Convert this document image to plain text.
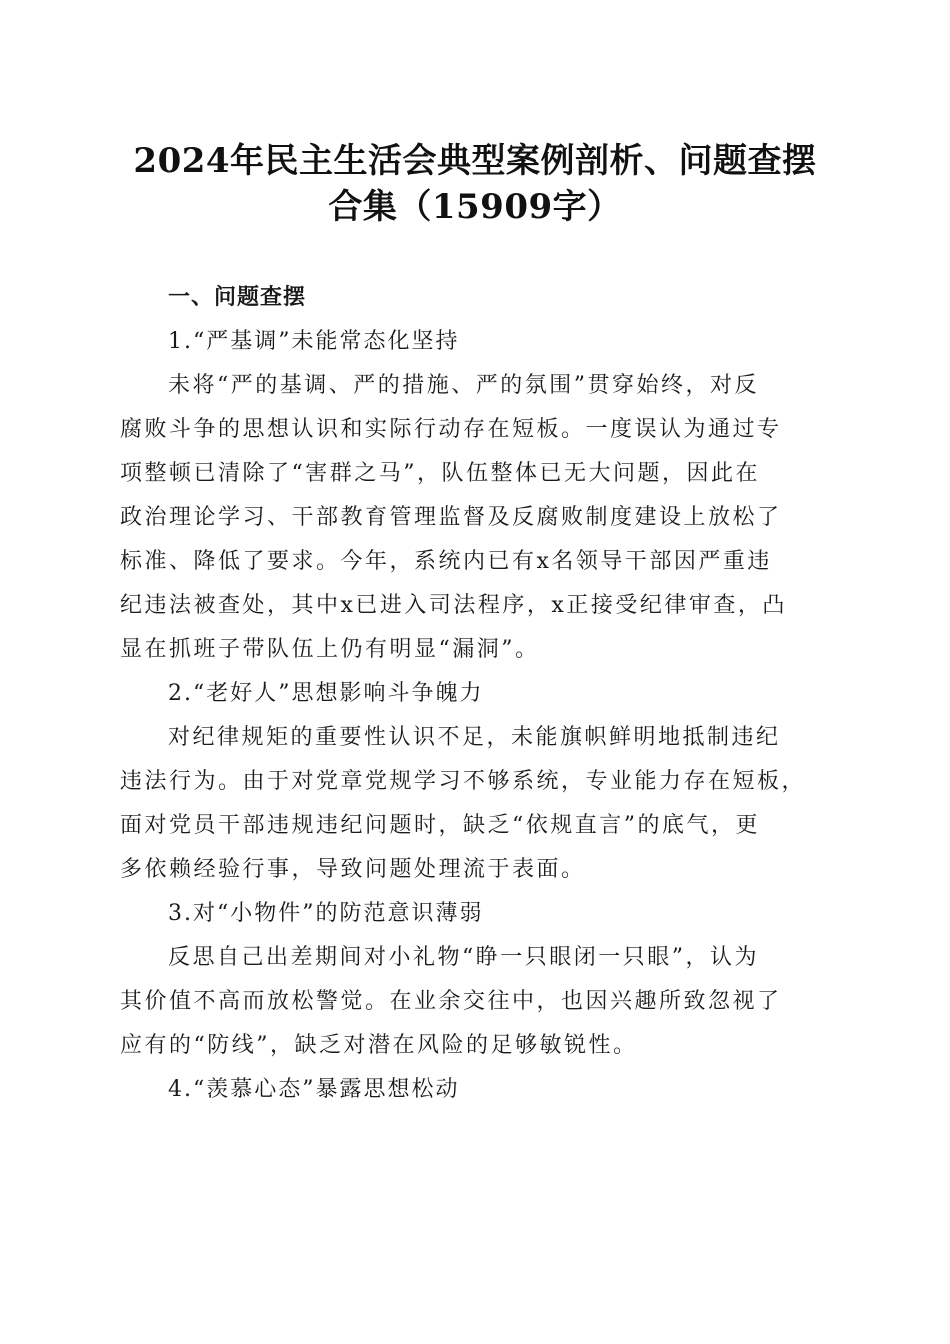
2024年民主生活会典型案例剖析、问题查摆
合集（15909字）
一、问题查摆
1.“严基调”未能常态化坚持
未将“严的基调、严的措施、严的氛围”贯穿始终，对反
腐败斗争的思想认识和实际行动存在短板。一度误认为通过专
项整顿已清除了“害群之马”，队伍整体已无大问题，因此在
政治理论学习、干部教育管理监督及反腐败制度建设上放松了
标准、降低了要求。今年，系统内已有x名领导干部因严重违
纪违法被查处，其中x已进入司法程序，x正接受纪律审查，凸
显在抓班子带队伍上仍有明显“漏洞”。
2.“老好人”思想影响斗争魄力
对纪律规矩的重要性认识不足，未能旗帜鲜明地抵制违纪
违法行为。由于对党章党规学习不够系统，专业能力存在短板，
面对党员干部违规违纪问题时，缺乏“依规直言”的底气，更
多依赖经验行事，导致问题处理流于表面。
3.对“小物件”的防范意识薄弱
反思自己出差期间对小礼物“睁一只眼闭一只眼”，认为
其价值不高而放松警觉。在业余交往中，也因兴趣所致忽视了
应有的“防线”，缺乏对潜在风险的足够敏锐性。
4.“羡慕心态”暴露思想松动
